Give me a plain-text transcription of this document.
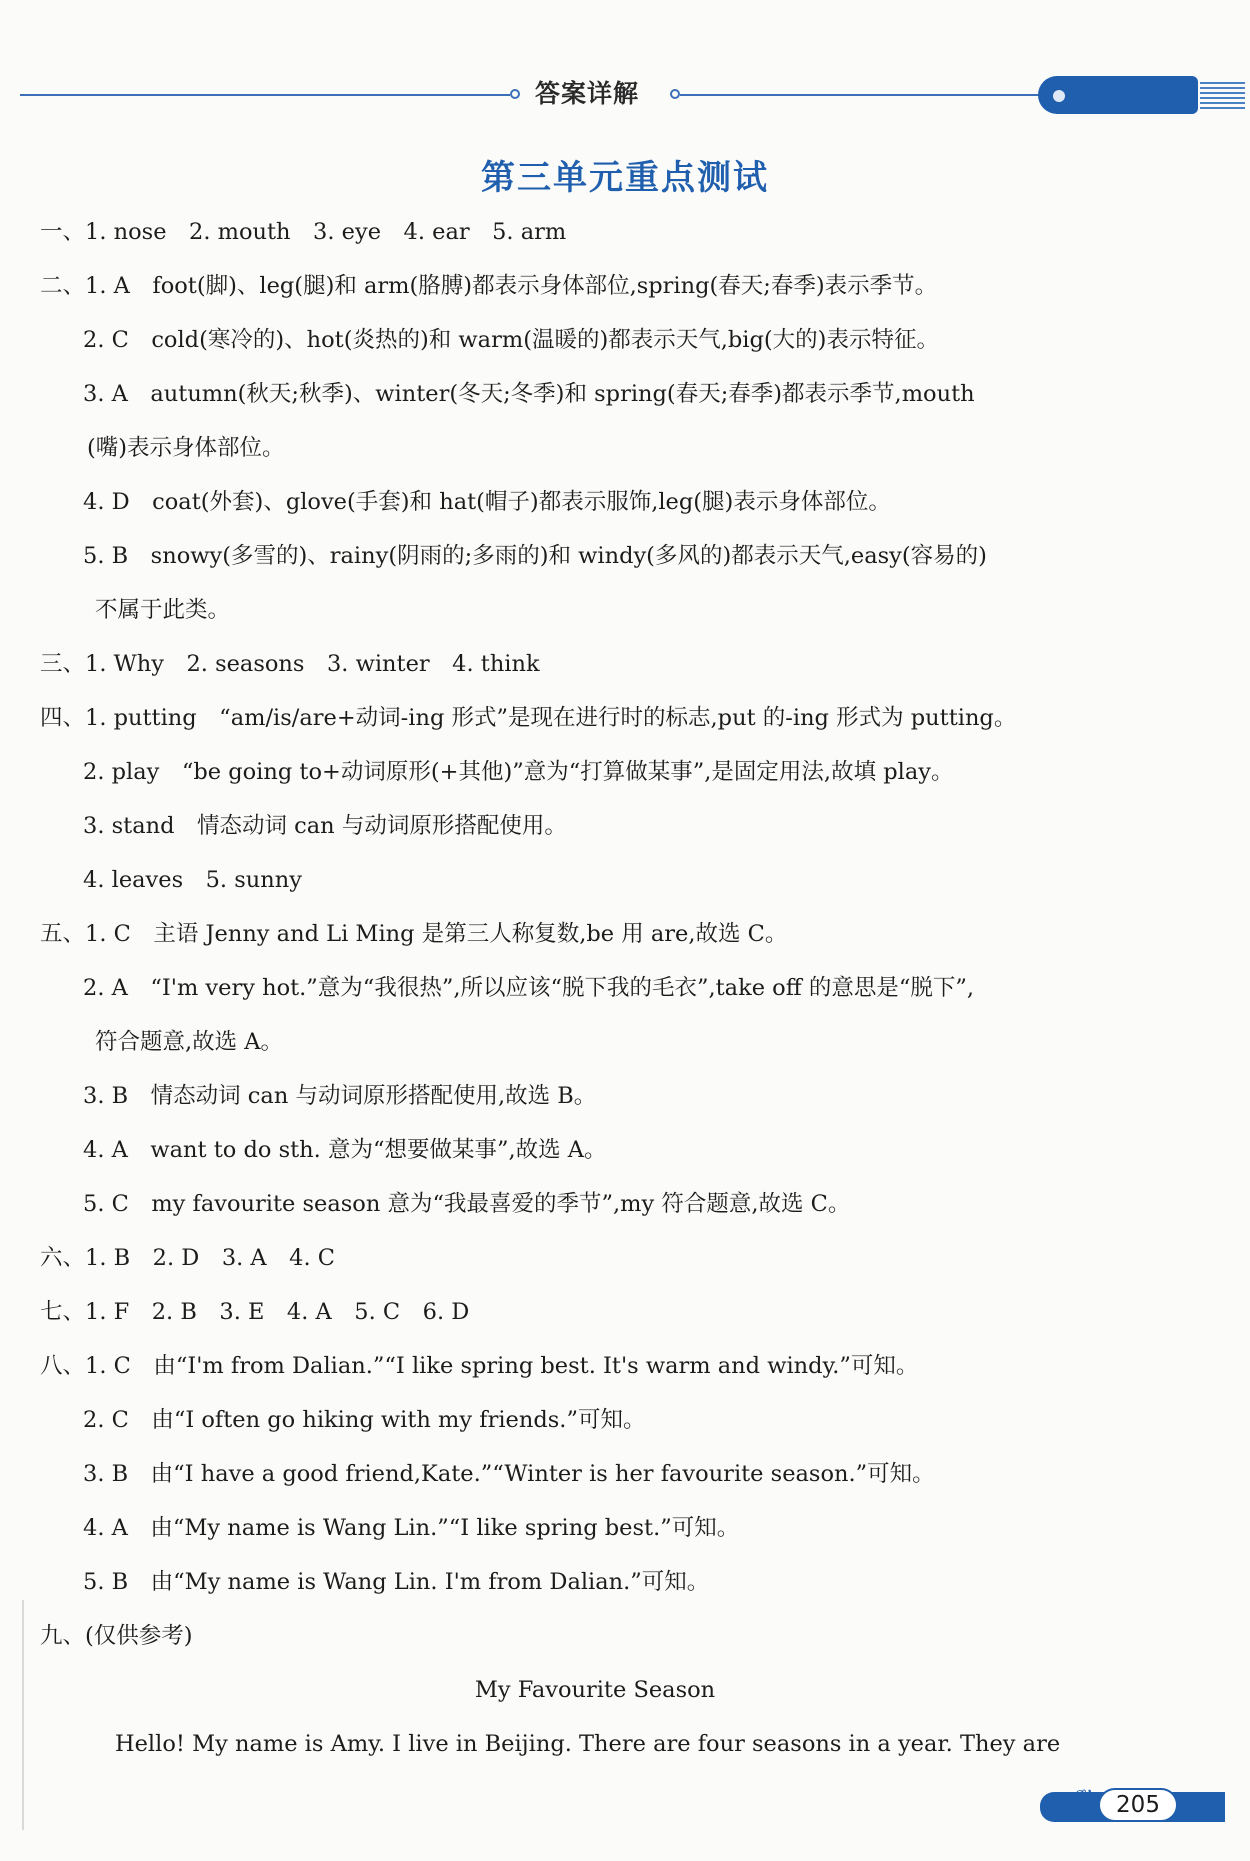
答案详解
第三单元重点测试
一、1. nose　2. mouth　3. eye　4. ear　5. arm
二、1. A　foot(脚)、leg(腿)和 arm(胳膊)都表示身体部位,spring(春天;春季)表示季节。
2. C　cold(寒冷的)、hot(炎热的)和 warm(温暖的)都表示天气,big(大的)表示特征。
3. A　autumn(秋天;秋季)、winter(冬天;冬季)和 spring(春天;春季)都表示季节,mouth
(嘴)表示身体部位。
4. D　coat(外套)、glove(手套)和 hat(帽子)都表示服饰,leg(腿)表示身体部位。
5. B　snowy(多雪的)、rainy(阴雨的;多雨的)和 windy(多风的)都表示天气,easy(容易的)
不属于此类。
三、1. Why　2. seasons　3. winter　4. think
四、1. putting　“am/is/are+动词-ing 形式”是现在进行时的标志,put 的-ing 形式为 putting。
2. play　“be going to+动词原形(+其他)”意为“打算做某事”,是固定用法,故填 play。
3. stand　情态动词 can 与动词原形搭配使用。
4. leaves　5. sunny
五、1. C　主语 Jenny and Li Ming 是第三人称复数,be 用 are,故选 C。
2. A　“I'm very hot.”意为“我很热”,所以应该“脱下我的毛衣”,take off 的意思是“脱下”,
符合题意,故选 A。
3. B　情态动词 can 与动词原形搭配使用,故选 B。
4. A　want to do sth. 意为“想要做某事”,故选 A。
5. C　my favourite season 意为“我最喜爱的季节”,my 符合题意,故选 C。
六、1. B　2. D　3. A　4. C
七、1. F　2. B　3. E　4. A　5. C　6. D
八、1. C　由“I'm from Dalian.”“I like spring best. It's warm and windy.”可知。
2. C　由“I often go hiking with my friends.”可知。
3. B　由“I have a good friend,Kate.”“Winter is her favourite season.”可知。
4. A　由“My name is Wang Lin.”“I like spring best.”可知。
5. B　由“My name is Wang Lin. I'm from Dalian.”可知。
九、(仅供参考)
My Favourite Season
Hello! My name is Amy. I live in Beijing. There are four seasons in a year. They are
❦ 205
